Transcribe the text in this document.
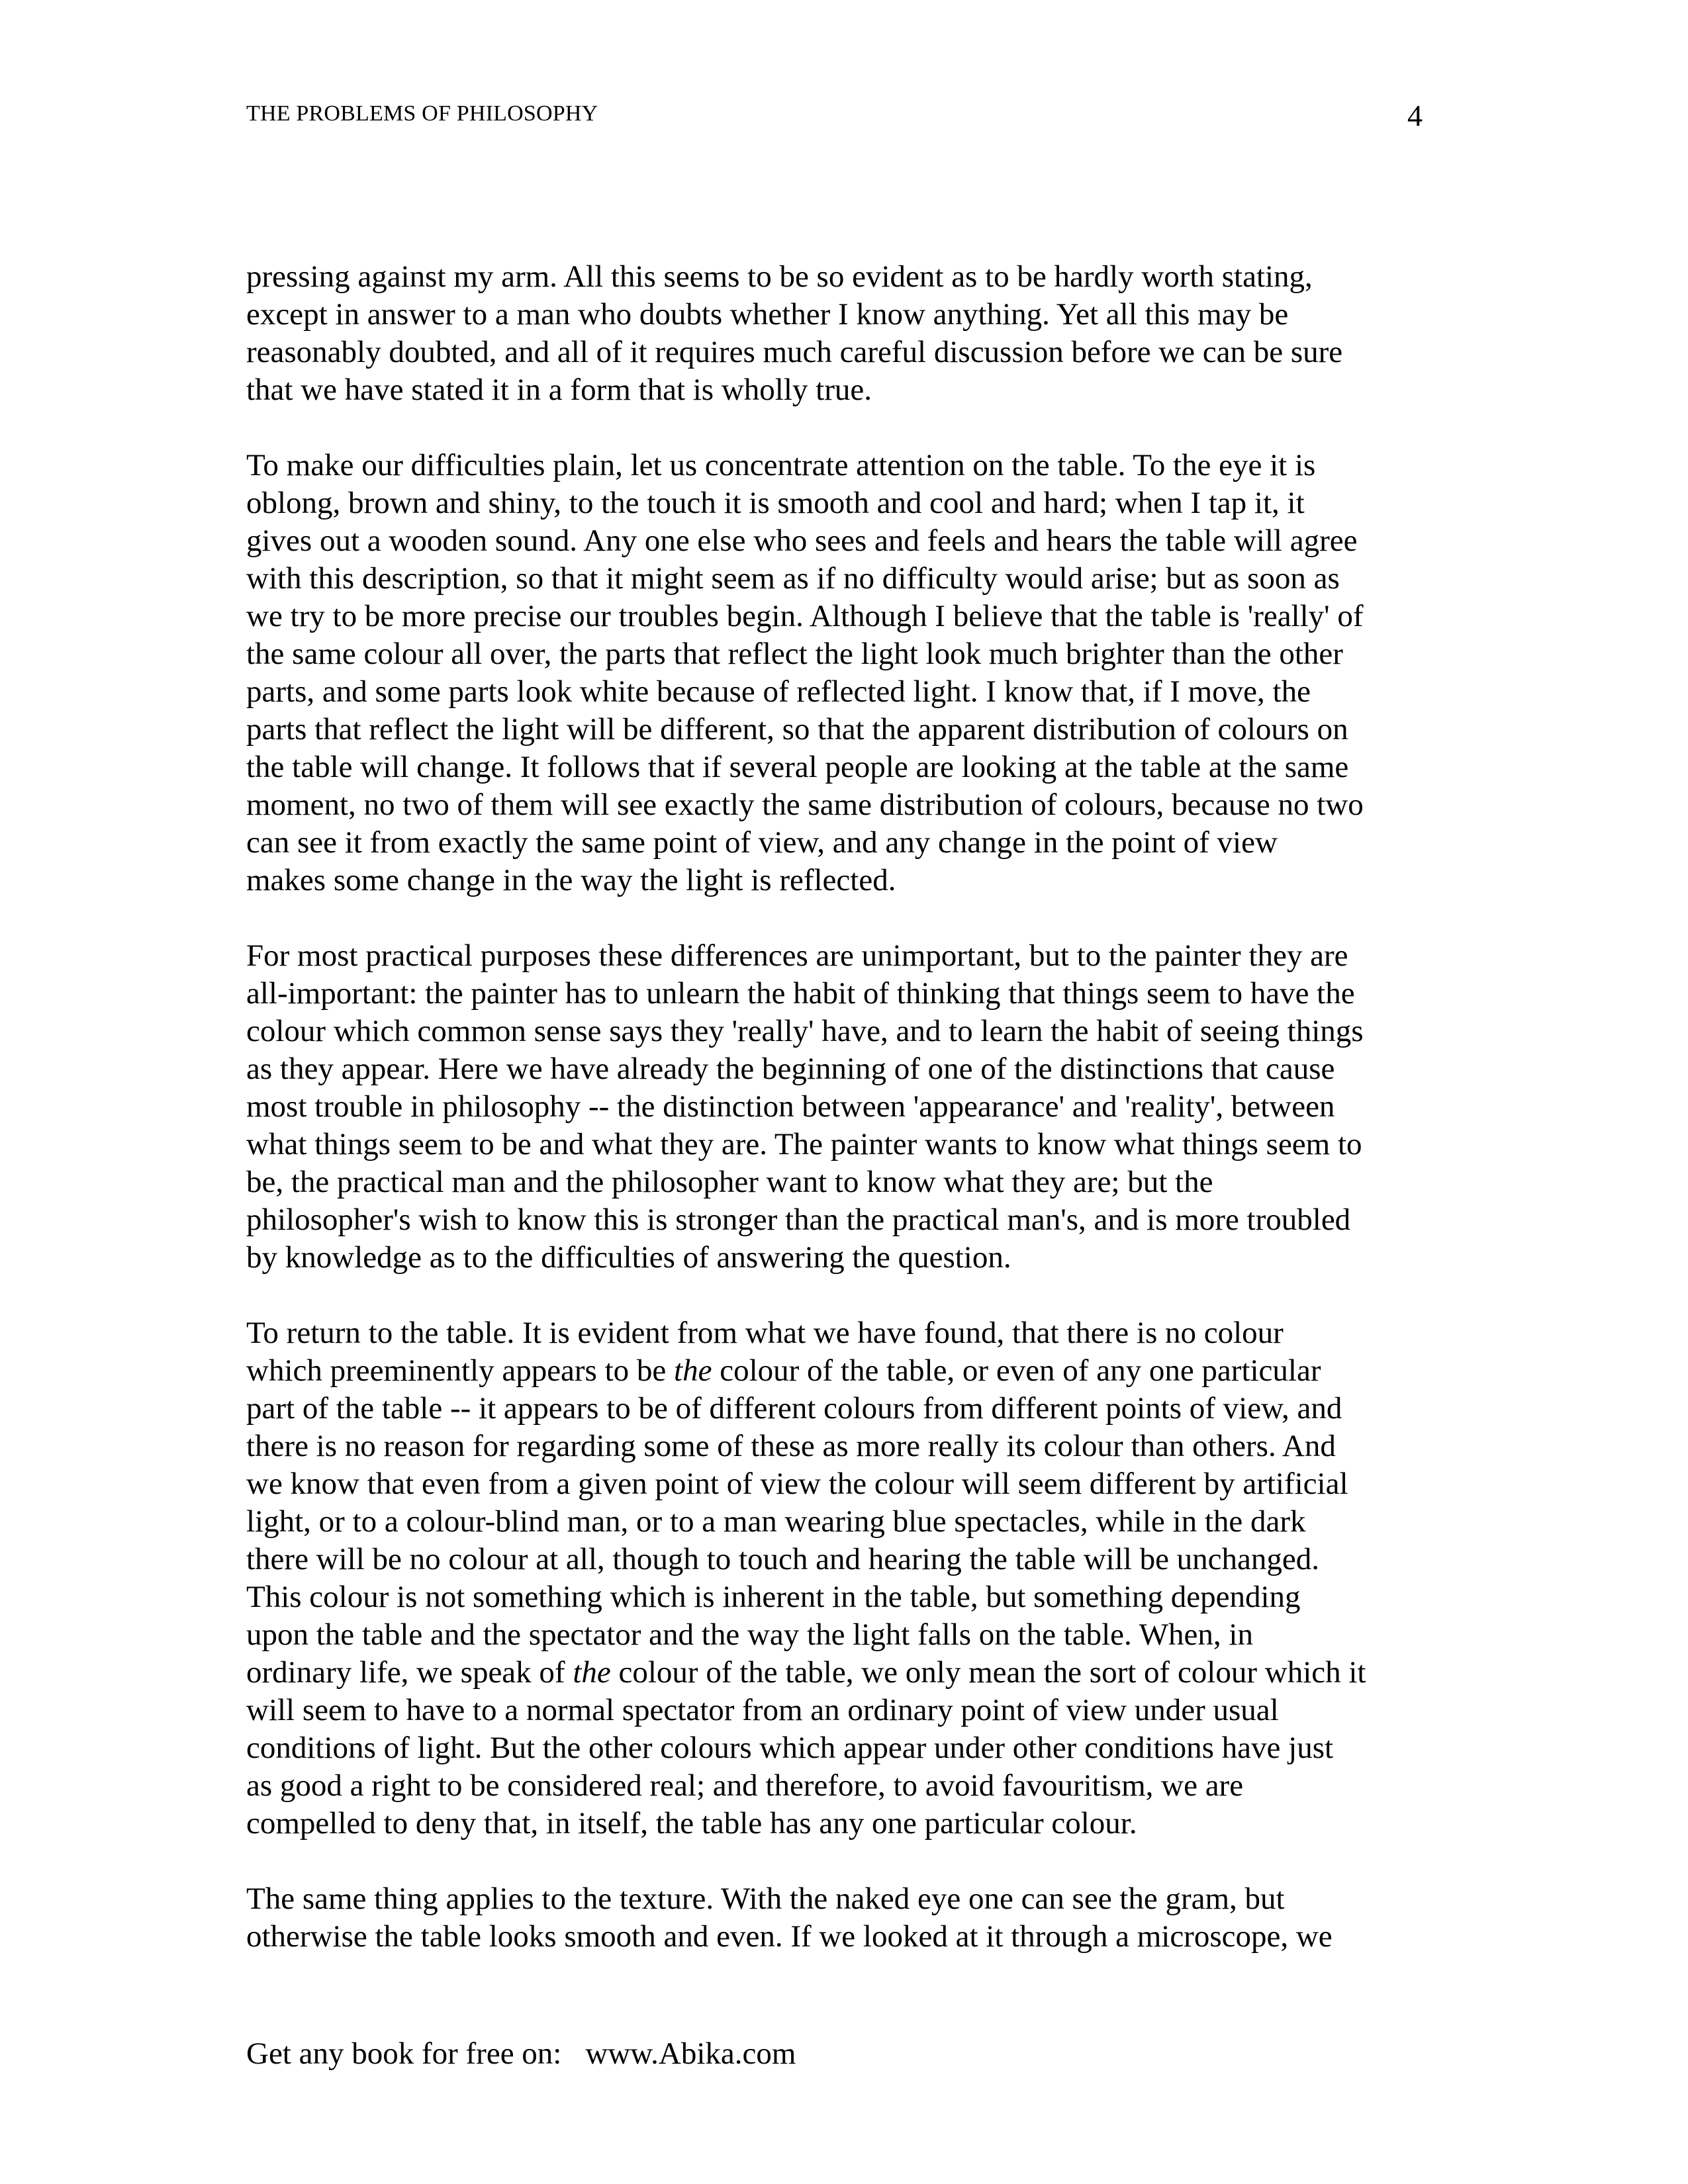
THE PROBLEMS OF PHILOSOPHY	4
pressing against my arm. All this seems to be so evident as to be hardly worth stating,
except in answer to a man who doubts whether I know anything. Yet all this may be
reasonably doubted, and all of it requires much careful discussion before we can be sure
that we have stated it in a form that is wholly true.
To make our difficulties plain, let us concentrate attention on the table. To the eye it is
oblong, brown and shiny, to the touch it is smooth and cool and hard; when I tap it, it
gives out a wooden sound. Any one else who sees and feels and hears the table will agree
with this description, so that it might seem as if no difficulty would arise; but as soon as
we try to be more precise our troubles begin. Although I believe that the table is 'really' of
the same colour all over, the parts that reflect the light look much brighter than the other
parts, and some parts look white because of reflected light. I know that, if I move, the
parts that reflect the light will be different, so that the apparent distribution of colours on
the table will change. It follows that if several people are looking at the table at the same
moment, no two of them will see exactly the same distribution of colours, because no two
can see it from exactly the same point of view, and any change in the point of view
makes some change in the way the light is reflected.
For most practical purposes these differences are unimportant, but to the painter they are
all-important: the painter has to unlearn the habit of thinking that things seem to have the
colour which common sense says they 'really' have, and to learn the habit of seeing things
as they appear. Here we have already the beginning of one of the distinctions that cause
most trouble in philosophy -- the distinction between 'appearance' and 'reality', between
what things seem to be and what they are. The painter wants to know what things seem to
be, the practical man and the philosopher want to know what they are; but the
philosopher's wish to know this is stronger than the practical man's, and is more troubled
by knowledge as to the difficulties of answering the question.
To return to the table. It is evident from what we have found, that there is no colour
which preeminently appears to be the colour of the table, or even of any one particular
part of the table -- it appears to be of different colours from different points of view, and
there is no reason for regarding some of these as more really its colour than others. And
we know that even from a given point of view the colour will seem different by artificial
light, or to a colour-blind man, or to a man wearing blue spectacles, while in the dark
there will be no colour at all, though to touch and hearing the table will be unchanged.
This colour is not something which is inherent in the table, but something depending
upon the table and the spectator and the way the light falls on the table. When, in
ordinary life, we speak of the colour of the table, we only mean the sort of colour which it
will seem to have to a normal spectator from an ordinary point of view under usual
conditions of light. But the other colours which appear under other conditions have just
as good a right to be considered real; and therefore, to avoid favouritism, we are
compelled to deny that, in itself, the table has any one particular colour.
The same thing applies to the texture. With the naked eye one can see the gram, but
otherwise the table looks smooth and even. If we looked at it through a microscope, we
Get any book for free on: www.Abika.com
